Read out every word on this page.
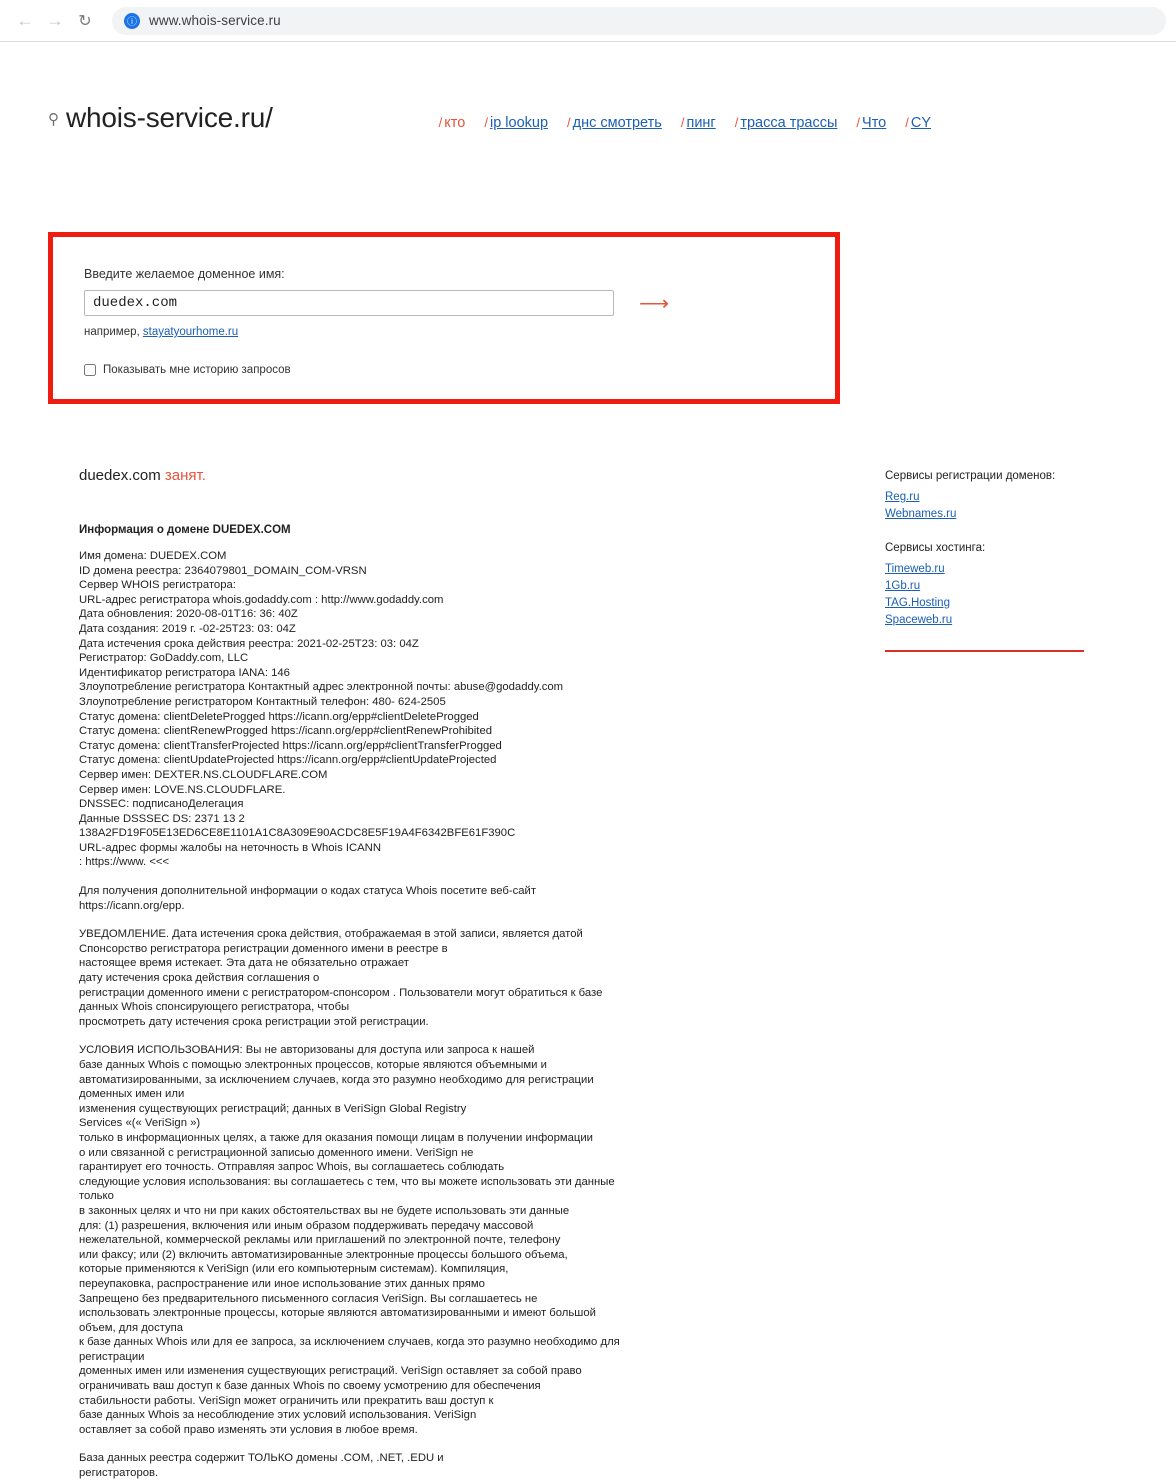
← → ↻	ⓘ www.whois-service.ru
⚲ whois-service.ru/	/ кто / ip lookup / днс смотреть / пинг / трасса трассы / Что / CY
Введите желаемое доменное имя:
duedex.com
⟶
например, stayatyourhome.ru
Показывать мне историю запросов
duedex.com занят.
Информация о домене DUEDEX.COM

Имя домена: DUEDEX.COM

ID домена реестра: 2364079801_DOMAIN_COM-VRSN

Сервер WHOIS регистратора:

URL-адрес регистратора whois.godaddy.com : http://www.godaddy.com

Дата обновления: 2020-08-01T16: 36: 40Z

Дата создания: 2019 г. -02-25T23: 03: 04Z

Дата истечения срока действия реестра: 2021-02-25T23: 03: 04Z

Регистратор: GoDaddy.com, LLC

Идентификатор регистратора IANA: 146

Злоупотребление регистратора Контактный адрес электронной почты: abuse@godaddy.com

Злоупотребление регистратором Контактный телефон: 480- 624-2505

Статус домена: clientDeleteProgged https://icann.org/epp#clientDeleteProgged

Статус домена: clientRenewProgged https://icann.org/epp#clientRenewProhibited

Статус домена: clientTransferProjected https://icann.org/epp#clientTransferProgged

Статус домена: clientUpdateProjected https://icann.org/epp#clientUpdateProjected

Сервер имен: DEXTER.NS.CLOUDFLARE.COM

Сервер имен: LOVE.NS.CLOUDFLARE.

DNSSEC: подписаноДелегация

Данные DSSSEC DS: 2371 13 2 138A2FD19F05E13ED6CE8E1101A1C8A309E90ACDC8E5F19A4F6342BFE61F390C

URL-адрес формы жалобы на неточность в Whois ICANN

: https://www. <<<

Для получения дополнительной информации о кодах статуса Whois посетите веб-сайт

https://icann.org/epp.

УВЕДОМЛЕНИЕ. Дата истечения срока действия, отображаемая в этой записи, является датой

Спонсорство регистратора регистрации доменного имени в реестре в

настоящее время истекает. Эта дата не обязательно отражает

дату истечения срока действия соглашения о

регистрации доменного имени с регистратором-спонсором . Пользователи могут обратиться к базе

данных Whois спонсирующего регистратора, чтобы

просмотреть дату истечения срока регистрации этой регистрации.

УСЛОВИЯ ИСПОЛЬЗОВАНИЯ: Вы не авторизованы для доступа или запроса к нашей

базе данных Whois с помощью электронных процессов, которые являются объемными и

автоматизированными, за исключением случаев, когда это разумно необходимо для регистрации

доменных имен или

изменения существующих регистраций; данных в VeriSign Global Registry

Services «(« VeriSign »)

только в информационных целях, а также для оказания помощи лицам в получении информации

о или связанной с регистрационной записью доменного имени. VeriSign не

гарантирует его точность. Отправляя запрос Whois, вы соглашаетесь соблюдать

следующие условия использования: вы соглашаетесь с тем, что вы можете использовать эти данные

только

в законных целях и что ни при каких обстоятельствах вы не будете использовать эти данные

для: (1) разрешения, включения или иным образом поддерживать передачу массовой

нежелательной, коммерческой рекламы или приглашений по электронной почте, телефону

или факсу; или (2) включить автоматизированные электронные процессы большого объема,

которые применяются к VeriSign (или его компьютерным системам). Компиляция,

переупаковка, распространение или иное использование этих данных прямо

Запрещено без предварительного письменного согласия VeriSign. Вы соглашаетесь не

использовать электронные процессы, которые являются автоматизированными и имеют большой

объем, для доступа

к базе данных Whois или для ее запроса, за исключением случаев, когда это разумно необходимо для

регистрации

доменных имен или изменения существующих регистраций. VeriSign оставляет за собой право

ограничивать ваш доступ к базе данных Whois по своему усмотрению для обеспечения

стабильности работы. VeriSign может ограничить или прекратить ваш доступ к

базе данных Whois за несоблюдение этих условий использования. VeriSign

оставляет за собой право изменять эти условия в любое время.

База данных реестра содержит ТОЛЬКО домены .COM, .NET, .EDU и

регистраторов.

Сервисы регистрации доменов:
Reg.ru
Webnames.ru
Сервисы хостинга:
Timeweb.ru
1Gb.ru
TAG.Hosting
Spaceweb.ru
